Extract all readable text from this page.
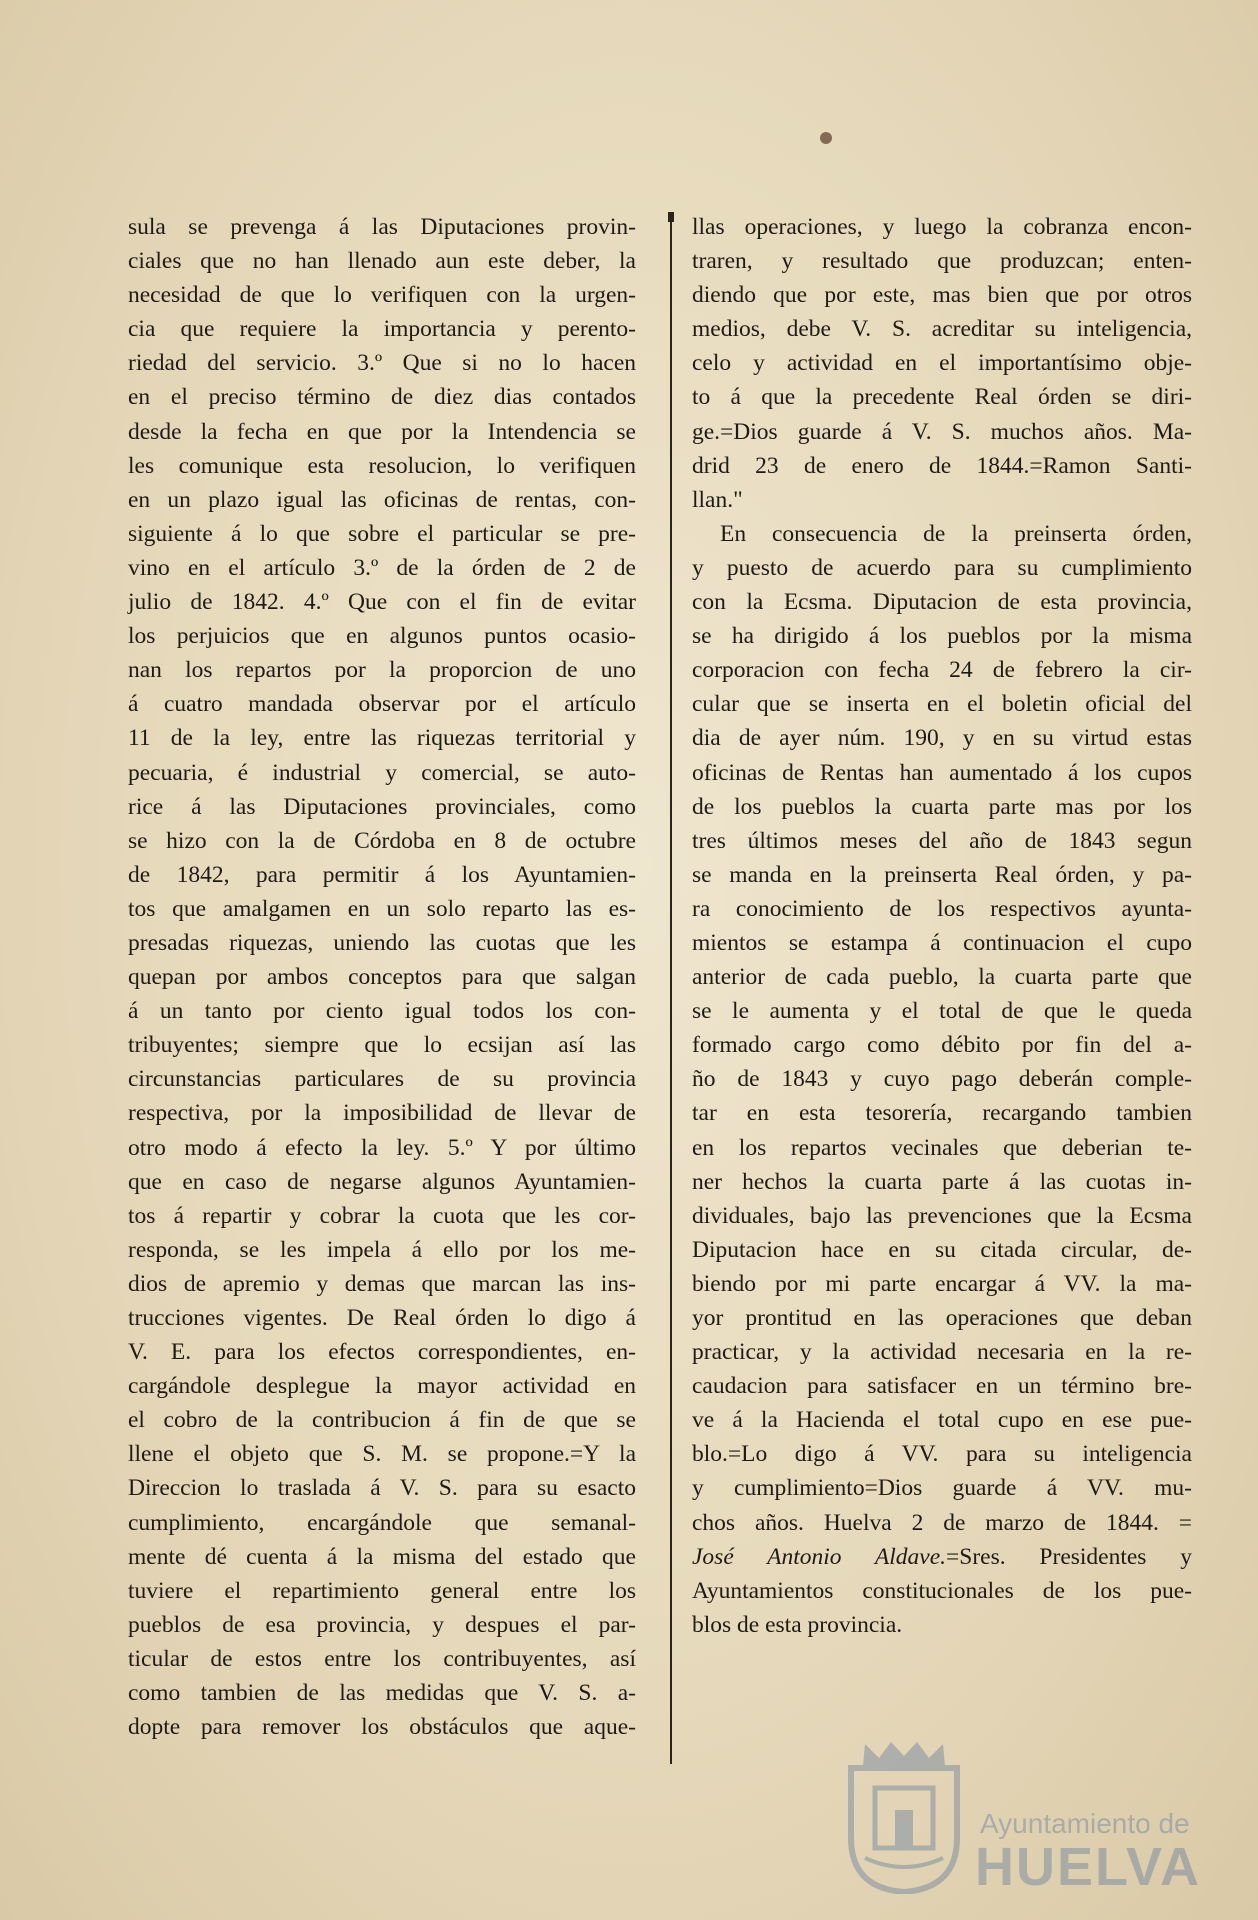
sula se prevenga á las Diputaciones provin-
ciales que no han llenado aun este deber, la
necesidad de que lo verifiquen con la urgen-
cia que requiere la importancia y perento-
riedad del servicio. 3.º Que si no lo hacen
en el preciso término de diez dias contados
desde la fecha en que por la Intendencia se
les comunique esta resolucion, lo verifiquen
en un plazo igual las oficinas de rentas, con-
siguiente á lo que sobre el particular se pre-
vino en el artículo 3.º de la órden de 2 de
julio de 1842. 4.º Que con el fin de evitar
los perjuicios que en algunos puntos ocasio-
nan los repartos por la proporcion de uno
á cuatro mandada observar por el artículo
11 de la ley, entre las riquezas territorial y
pecuaria, é industrial y comercial, se auto-
rice á las Diputaciones provinciales, como
se hizo con la de Córdoba en 8 de octubre
de 1842, para permitir á los Ayuntamien-
tos que amalgamen en un solo reparto las es-
presadas riquezas, uniendo las cuotas que les
quepan por ambos conceptos para que salgan
á un tanto por ciento igual todos los con-
tribuyentes; siempre que lo ecsijan así las
circunstancias particulares de su provincia
respectiva, por la imposibilidad de llevar de
otro modo á efecto la ley. 5.º Y por último
que en caso de negarse algunos Ayuntamien-
tos á repartir y cobrar la cuota que les cor-
responda, se les impela á ello por los me-
dios de apremio y demas que marcan las ins-
trucciones vigentes. De Real órden lo digo á
V. E. para los efectos correspondientes, en-
cargándole desplegue la mayor actividad en
el cobro de la contribucion á fin de que se
llene el objeto que S. M. se propone.=Y la
Direccion lo traslada á V. S. para su esacto
cumplimiento, encargándole que semanal-
mente dé cuenta á la misma del estado que
tuviere el repartimiento general entre los
pueblos de esa provincia, y despues el par-
ticular de estos entre los contribuyentes, así
como tambien de las medidas que V. S. a-
dopte para remover los obstáculos que aque-
llas operaciones, y luego la cobranza encon-
traren, y resultado que produzcan; enten-
diendo que por este, mas bien que por otros
medios, debe V. S. acreditar su inteligencia,
celo y actividad en el importantísimo obje-
to á que la precedente Real órden se diri-
ge.=Dios guarde á V. S. muchos años. Ma-
drid 23 de enero de 1844.=Ramon Santi-
llan."
En consecuencia de la preinserta órden,
y puesto de acuerdo para su cumplimiento
con la Ecsma. Diputacion de esta provincia,
se ha dirigido á los pueblos por la misma
corporacion con fecha 24 de febrero la cir-
cular que se inserta en el boletin oficial del
dia de ayer núm. 190, y en su virtud estas
oficinas de Rentas han aumentado á los cupos
de los pueblos la cuarta parte mas por los
tres últimos meses del año de 1843 segun
se manda en la preinserta Real órden, y pa-
ra conocimiento de los respectivos ayunta-
mientos se estampa á continuacion el cupo
anterior de cada pueblo, la cuarta parte que
se le aumenta y el total de que le queda
formado cargo como débito por fin del a-
ño de 1843 y cuyo pago deberán comple-
tar en esta tesorería, recargando tambien
en los repartos vecinales que deberian te-
ner hechos la cuarta parte á las cuotas in-
dividuales, bajo las prevenciones que la Ecsma
Diputacion hace en su citada circular, de-
biendo por mi parte encargar á VV. la ma-
yor prontitud en las operaciones que deban
practicar, y la actividad necesaria en la re-
caudacion para satisfacer en un término bre-
ve á la Hacienda el total cupo en ese pue-
blo.=Lo digo á VV. para su inteligencia
y cumplimiento=Dios guarde á VV. mu-
chos años. Huelva 2 de marzo de 1844. =
José Antonio Aldave.=Sres. Presidentes y
Ayuntamientos constitucionales de los pue-
blos de esta provincia.
Ayuntamiento de
HUELVA
